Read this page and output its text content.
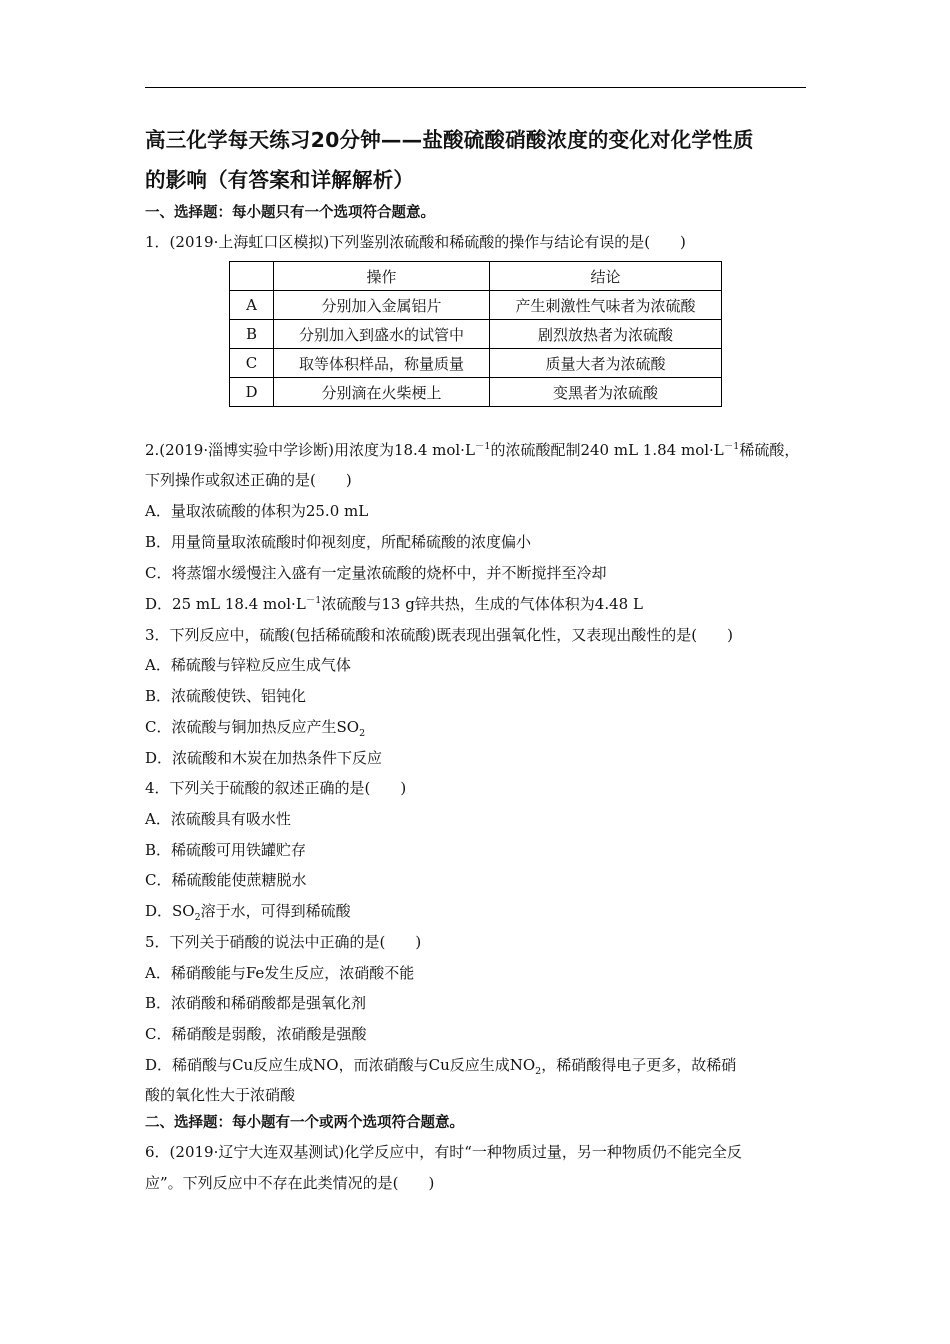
高三化学每天练习20分钟——盐酸硫酸硝酸浓度的变化对化学性质
的影响（有答案和详解解析）
一、选择题：每小题只有一个选项符合题意。
1．(2019·上海虹口区模拟)下列鉴别浓硫酸和稀硫酸的操作与结论有误的是(　　)
	操作	结论
A	分别加入金属铝片	产生刺激性气味者为浓硫酸
B	分别加入到盛水的试管中	剧烈放热者为浓硫酸
C	取等体积样品，称量质量	质量大者为浓硫酸
D	分别滴在火柴梗上	变黑者为浓硫酸
2.(2019·淄博实验中学诊断)用浓度为18.4 $mol\cdot L^{-1}$的浓硫酸配制240 mL 1.84 $mol\cdot L^{-1}$稀硫酸，
下列操作或叙述正确的是(　　)
A．量取浓硫酸的体积为25.0 mL
B．用量筒量取浓硫酸时仰视刻度，所配稀硫酸的浓度偏小
C．将蒸馏水缓慢注入盛有一定量浓硫酸的烧杯中，并不断搅拌至冷却
D．25 mL 18.4 $mol\cdot L^{-1}$浓硫酸与13 g锌共热，生成的气体体积为4.48 L
3．下列反应中，硫酸(包括稀硫酸和浓硫酸)既表现出强氧化性，又表现出酸性的是(　　)
A．稀硫酸与锌粒反应生成气体
B．浓硫酸使铁、铝钝化
C．浓硫酸与铜加热反应产生$SO_2$
D．浓硫酸和木炭在加热条件下反应
4．下列关于硫酸的叙述正确的是(　　)
A．浓硫酸具有吸水性
B．稀硫酸可用铁罐贮存
C．稀硫酸能使蔗糖脱水
D．$SO_2$溶于水，可得到稀硫酸
5．下列关于硝酸的说法中正确的是(　　)
A．稀硝酸能与Fe发生反应，浓硝酸不能
B．浓硝酸和稀硝酸都是强氧化剂
C．稀硝酸是弱酸，浓硝酸是强酸
D．稀硝酸与Cu反应生成NO，而浓硝酸与Cu反应生成$NO_2$，稀硝酸得电子更多，故稀硝
酸的氧化性大于浓硝酸
二、选择题：每小题有一个或两个选项符合题意。
6．(2019·辽宁大连双基测试)化学反应中，有时“一种物质过量，另一种物质仍不能完全反
应”。下列反应中不存在此类情况的是(　　)
